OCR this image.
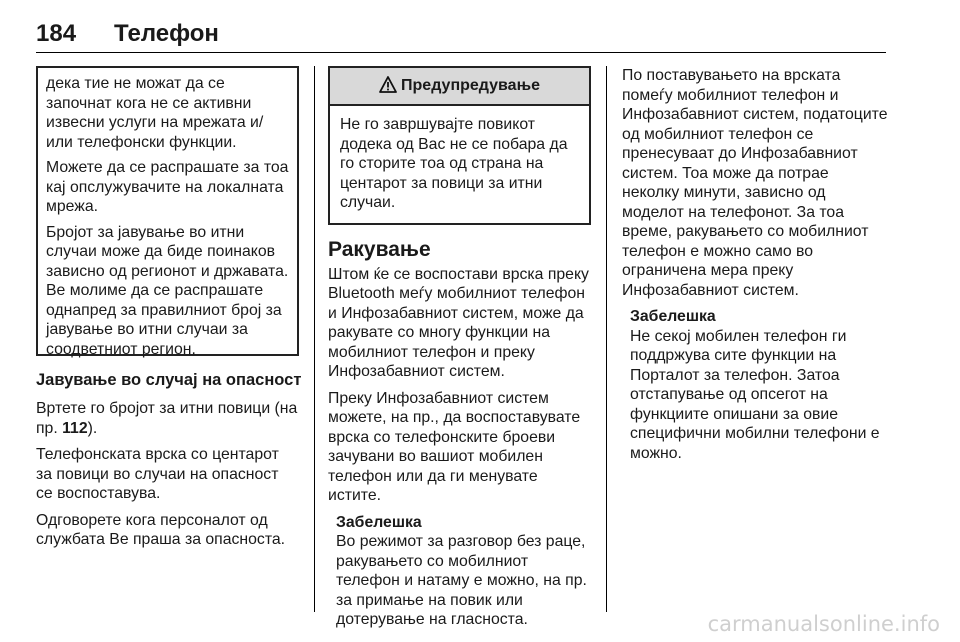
184 Телефон

дека тие не можат да се започнат кога не се активни извесни услуги на мрежата и/ или телефонски функции.

Можете да се распрашате за тоа кај опслужувачите на локалната мрежа.

Бројот за јавување во итни случаи може да биде поинаков зависно од регионот и државата. Ве молиме да се распрашате однапред за правилниот број за јавување во итни случаи за соодветниот регион.

Јавување во случај на опасност

Вртете го бројот за итни повици (на пр. 112).

Телефонската врска со центарот за повици во случаи на опасност се воспоставува.

Одговорете кога персоналот од службата Ве праша за опасноста.

Предупредување
Не го завршувајте повикот додека од Вас не се побара да го сторите тоа од страна на центарот за повици за итни случаи.
Ракување

Штом ќе се воспостави врска преку Bluetooth меѓу мобилниот телефон и Инфозабавниот систем, може да ракувате со многу функции на мобилниот телефон и преку Инфозабавниот систем.

Преку Инфозабавниот систем можете, на пр., да воспоставувате врска со телефонските броеви зачувани во вашиот мобилен телефон или да ги менувате истите.

Забелешка
Во режимот за разговор без раце, ракувањето со мобилниот телефон и натаму е можно, на пр. за примање на повик или дотерување на гласноста.

По поставувањето на врската помеѓу мобилниот телефон и Инфозабавниот систем, податоците од мобилниот телефон се пренесуваат до Инфозабавниот систем. Тоа може да потрае неколку минути, зависно од моделот на телефонот. За тоа време, ракувањето со мобилниот телефон е можно само во ограничена мера преку Инфозабавниот систем.

Забелешка
Не секој мобилен телефон ги поддржува сите функции на Порталот за телефон. Затоа отстапување од опсегот на функциите опишани за овие специфични мобилни телефони е можно.
carmanualsonline.info
